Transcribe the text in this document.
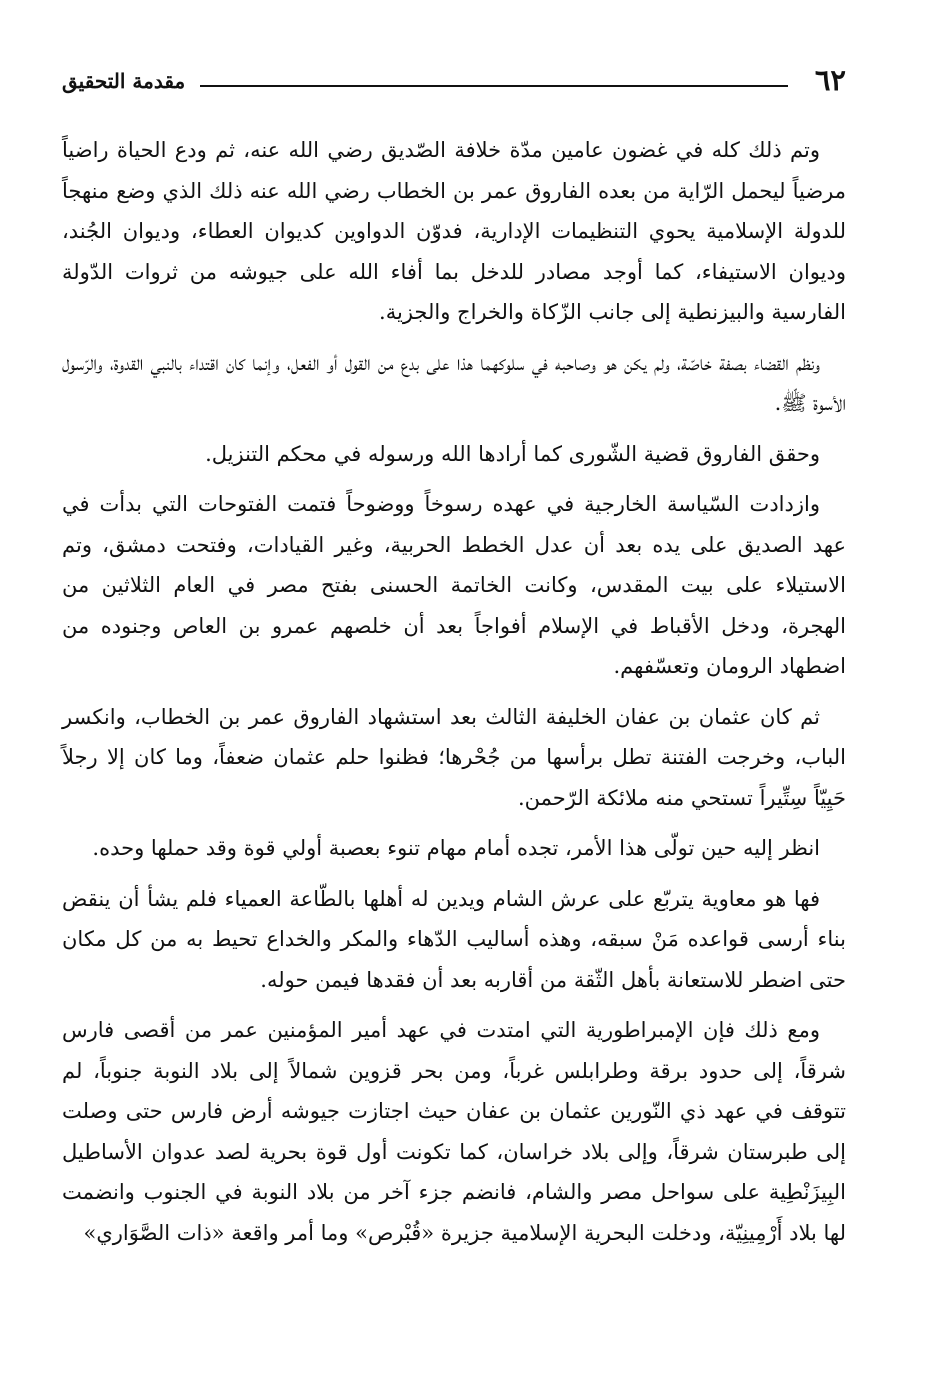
٦٢
مقدمة التحقيق

وتم ذلك كله في غضون عامين مدّة خلافة الصّديق رضي الله عنه، ثم ودع الحياة راضياً مرضياً ليحمل الرّاية من بعده الفاروق عمر بن الخطاب رضي الله عنه ذلك الذي وضع منهجاً للدولة الإسلامية يحوي التنظيمات الإدارية، فدوّن الدواوين كديوان العطاء، وديوان الجُند، وديوان الاستيفاء، كما أوجد مصادر للدخل بما أفاء الله على جيوشه من ثروات الدّولة الفارسية والبيزنطية إلى جانب الزّكاة والخراج والجزية.

ونظم القضاء بصفة خاصّة، ولم يكن هو وصاحبه في سلوكهما هذا على بدع من القول أو الفعل، وإنما كان اقتداء بالنبي القدوة، والرّسول الأسوة ﷺ.

وحقق الفاروق قضية الشّورى كما أرادها الله ورسوله في محكم التنزيل.

وازدادت السّياسة الخارجية في عهده رسوخاً ووضوحاً فتمت الفتوحات التي بدأت في عهد الصديق على يده بعد أن عدل الخطط الحربية، وغير القيادات، وفتحت دمشق، وتم الاستيلاء على بيت المقدس، وكانت الخاتمة الحسنى بفتح مصر في العام الثلاثين من الهجرة، ودخل الأقباط في الإسلام أفواجاً بعد أن خلصهم عمرو بن العاص وجنوده من اضطهاد الرومان وتعسّفهم.

ثم كان عثمان بن عفان الخليفة الثالث بعد استشهاد الفاروق عمر بن الخطاب، وانكسر الباب، وخرجت الفتنة تطل برأسها من جُحْرها؛ فظنوا حلم عثمان ضعفاً، وما كان إلا رجلاً حَيِيّاً سِتِّيراً تستحي منه ملائكة الرّحمن.

انظر إليه حين تولّى هذا الأمر، تجده أمام مهام تنوء بعصبة أولي قوة وقد حملها وحده.

فها هو معاوية يتربّع على عرش الشام ويدين له أهلها بالطّاعة العمياء فلم يشأ أن ينقض بناء أرسى قواعده مَنْ سبقه، وهذه أساليب الدّهاء والمكر والخداع تحيط به من كل مكان حتى اضطر للاستعانة بأهل الثّقة من أقاربه بعد أن فقدها فيمن حوله.

ومع ذلك فإن الإمبراطورية التي امتدت في عهد أمير المؤمنين عمر من أقصى فارس شرقاً، إلى حدود برقة وطرابلس غرباً، ومن بحر قزوين شمالاً إلى بلاد النوبة جنوباً، لم تتوقف في عهد ذي النّورين عثمان بن عفان حيث اجتازت جيوشه أرض فارس حتى وصلت إلى طبرستان شرقاً، وإلى بلاد خراسان، كما تكونت أول قوة بحرية لصد عدوان الأساطيل البِيزَنْطِية على سواحل مصر والشام، فانضم جزء آخر من بلاد النوبة في الجنوب وانضمت لها بلاد أَرْمِينِيّة، ودخلت البحرية الإسلامية جزيرة «قُبْرص» وما أمر واقعة «ذات الصَّوَاري»
